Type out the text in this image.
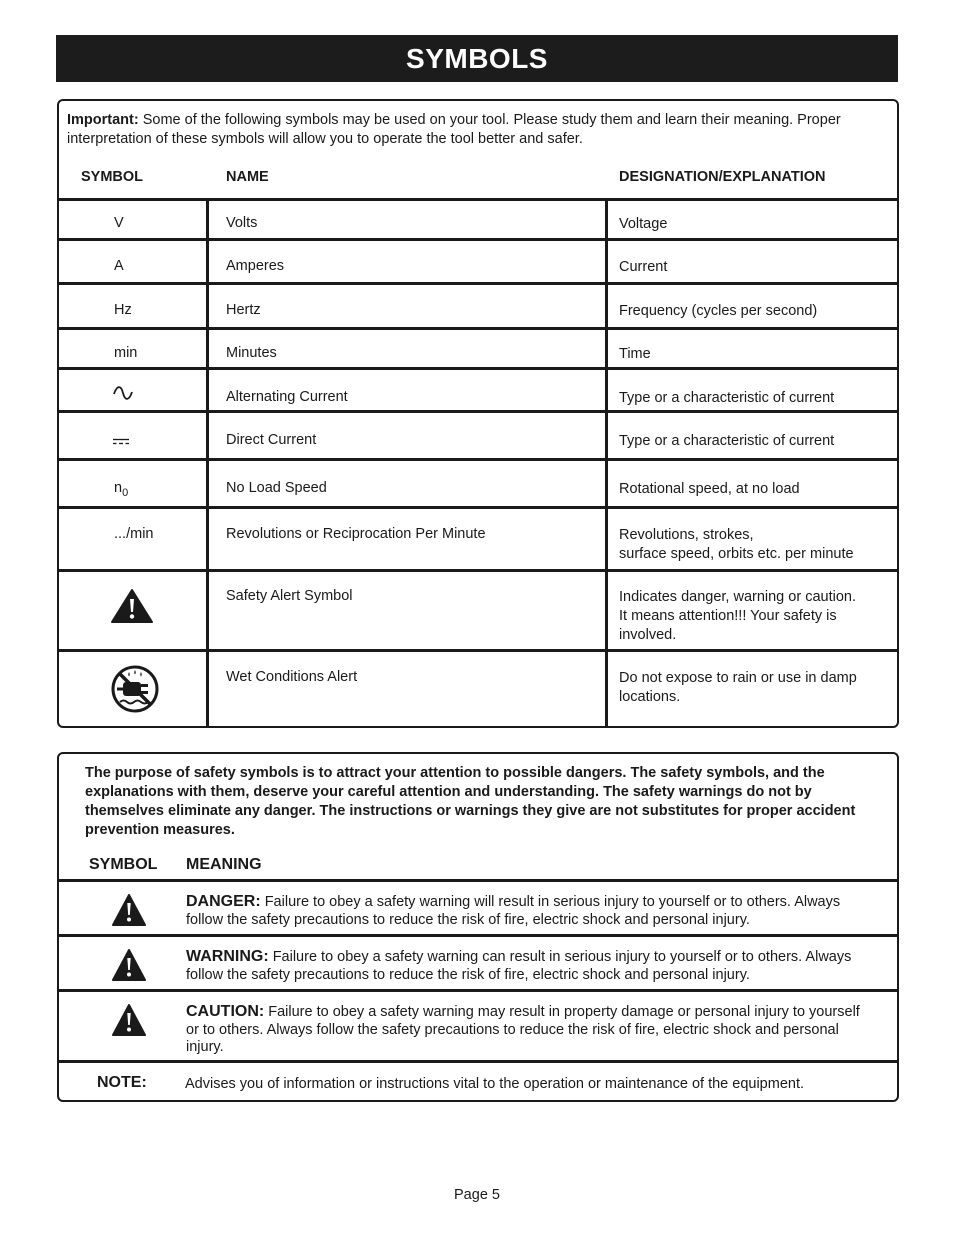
SYMBOLS
Important: Some of the following symbols may be used on your tool. Please study them and learn their meaning. Proper interpretation of these symbols will allow you to operate the tool better and safer.
SYMBOL	NAME	DESIGNATION/EXPLANATION
V	Volts	Voltage
A	Amperes	Current
Hz	Hertz	Frequency (cycles per second)
min	Minutes	Time
Alternating Current	Type or a characteristic of current
Direct Current	Type or a characteristic of current
$n_0$	No Load Speed	Rotational speed, at no load
.../min	Revolutions or Reciprocation Per Minute	Revolutions, strokes,
surface speed, orbits etc. per minute
Safety Alert Symbol	Indicates danger, warning or caution.
It means attention!!! Your safety is
involved.
Wet Conditions Alert	Do not expose to rain or use in damp
locations.
The purpose of safety symbols is to attract your attention to possible dangers. The safety symbols, and the explanations with them, deserve your careful attention and understanding. The safety warnings do not by themselves eliminate any danger. The instructions or warnings they give are not substitutes for proper accident prevention measures.
SYMBOL MEANING
DANGER: Failure to obey a safety warning will result in serious injury to yourself or to others. Always follow the safety precautions to reduce the risk of fire, electric shock and personal injury.
WARNING: Failure to obey a safety warning can result in serious injury to yourself or to others. Always follow the safety precautions to reduce the risk of fire, electric shock and personal injury.
CAUTION: Failure to obey a safety warning may result in property damage or personal injury to yourself or to others. Always follow the safety precautions to reduce the risk of fire, electric shock and personal injury.
NOTE:	Advises you of information or instructions vital to the operation or maintenance of the equipment.
Page 5
